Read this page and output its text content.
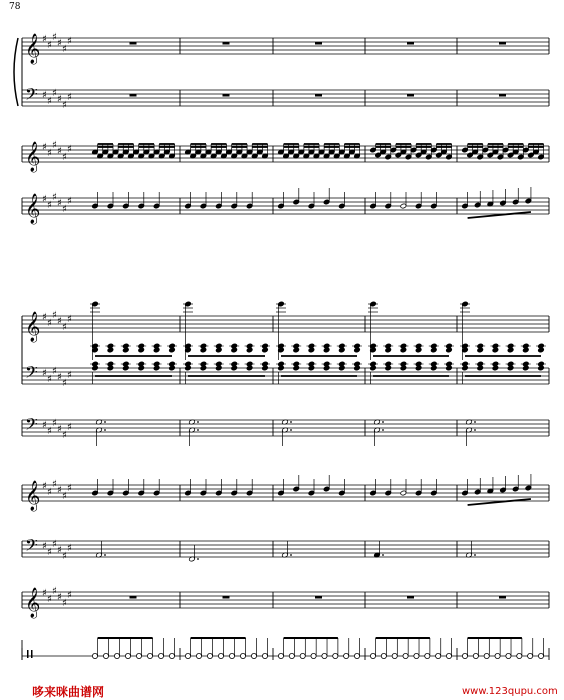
𝄞 ♯
♯
♯
♯
♯
♯
𝄢 ♯
♯
♯
♯
♯
♯
𝄞 ♯
♯
♯
♯
♯
♯
𝄞 ♯
♯
♯
♯
♯
♯
𝄞 ♯
♯
♯
♯
♯
♯
𝄢 ♯
♯
♯
♯
♯
♯
𝄢 ♯
♯
♯
♯
♯
♯
𝄞 ♯
♯
♯
♯
♯
♯
𝄢 ♯
♯
♯
♯
♯
♯
𝄞 ♯
♯
♯
♯
♯
♯
78
哆来咪曲谱网	www.123qupu.com
